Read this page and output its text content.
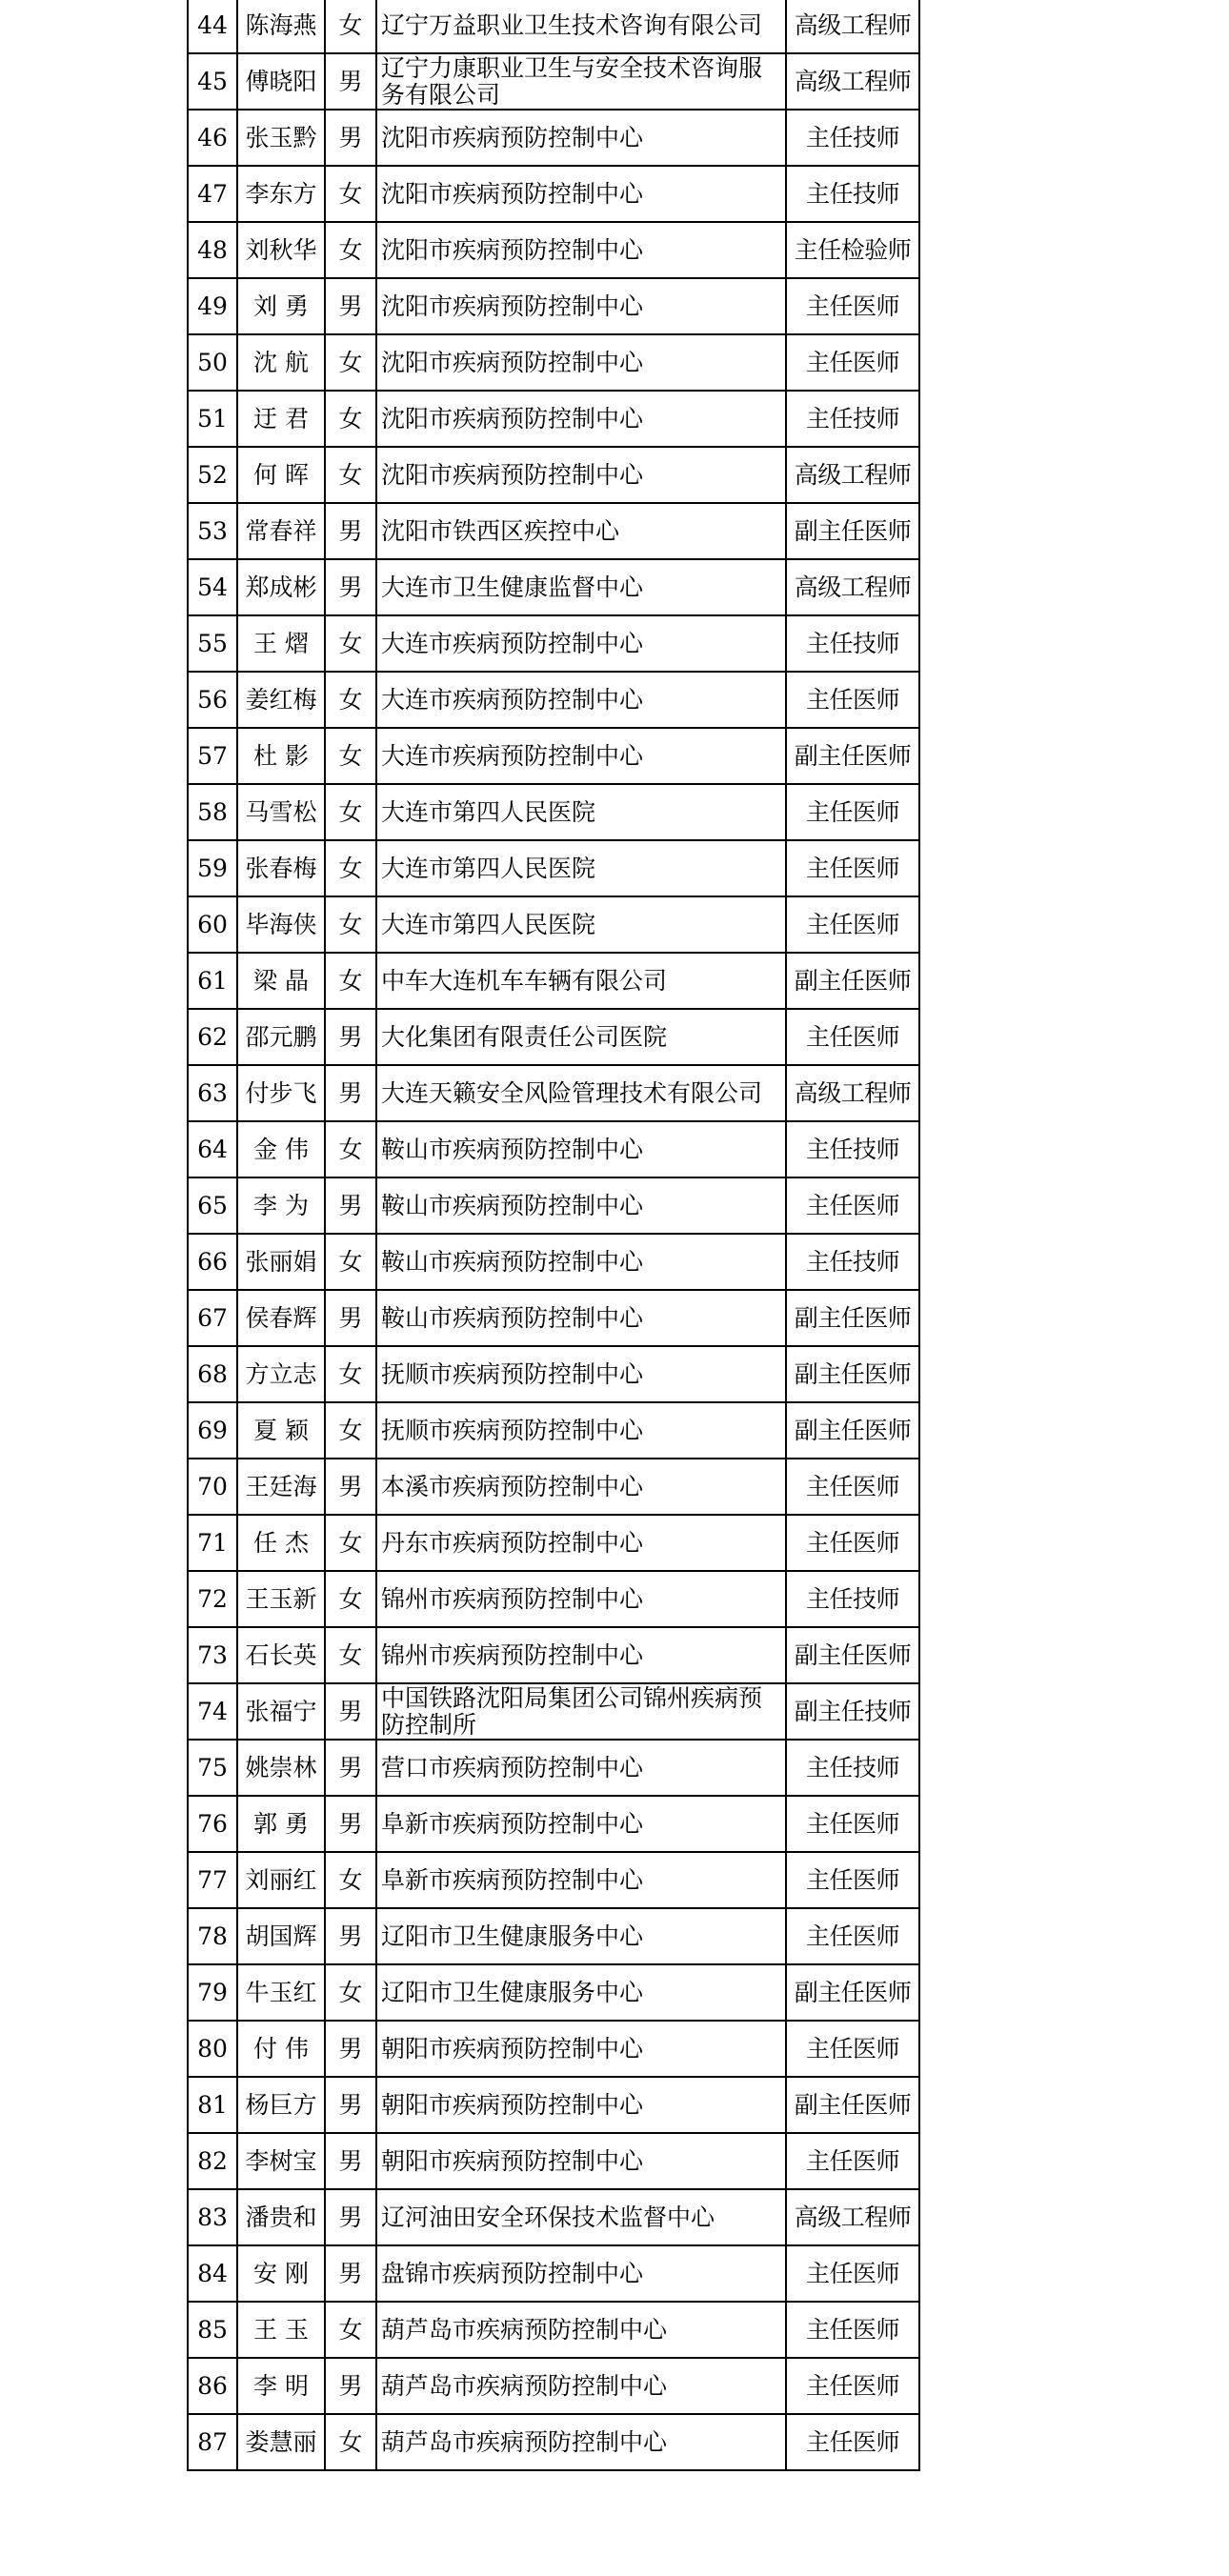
44	陈海燕	女	辽宁万益职业卫生技术咨询有限公司	高级工程师
45	傅晓阳	男	辽宁力康职业卫生与安全技术咨询服务有限公司	高级工程师
46	张玉黔	男	沈阳市疾病预防控制中心	主任技师
47	李东方	女	沈阳市疾病预防控制中心	主任技师
48	刘秋华	女	沈阳市疾病预防控制中心	主任检验师
49	刘 勇	男	沈阳市疾病预防控制中心	主任医师
50	沈 航	女	沈阳市疾病预防控制中心	主任医师
51	迂 君	女	沈阳市疾病预防控制中心	主任技师
52	何 晖	女	沈阳市疾病预防控制中心	高级工程师
53	常春祥	男	沈阳市铁西区疾控中心	副主任医师
54	郑成彬	男	大连市卫生健康监督中心	高级工程师
55	王 熠	女	大连市疾病预防控制中心	主任技师
56	姜红梅	女	大连市疾病预防控制中心	主任医师
57	杜 影	女	大连市疾病预防控制中心	副主任医师
58	马雪松	女	大连市第四人民医院	主任医师
59	张春梅	女	大连市第四人民医院	主任医师
60	毕海侠	女	大连市第四人民医院	主任医师
61	梁 晶	女	中车大连机车车辆有限公司	副主任医师
62	邵元鹏	男	大化集团有限责任公司医院	主任医师
63	付步飞	男	大连天籁安全风险管理技术有限公司	高级工程师
64	金 伟	女	鞍山市疾病预防控制中心	主任技师
65	李 为	男	鞍山市疾病预防控制中心	主任医师
66	张丽娟	女	鞍山市疾病预防控制中心	主任技师
67	侯春辉	男	鞍山市疾病预防控制中心	副主任医师
68	方立志	女	抚顺市疾病预防控制中心	副主任医师
69	夏 颖	女	抚顺市疾病预防控制中心	副主任医师
70	王廷海	男	本溪市疾病预防控制中心	主任医师
71	任 杰	女	丹东市疾病预防控制中心	主任医师
72	王玉新	女	锦州市疾病预防控制中心	主任技师
73	石长英	女	锦州市疾病预防控制中心	副主任医师
74	张福宁	男	中国铁路沈阳局集团公司锦州疾病预防控制所	副主任技师
75	姚崇林	男	营口市疾病预防控制中心	主任技师
76	郭 勇	男	阜新市疾病预防控制中心	主任医师
77	刘丽红	女	阜新市疾病预防控制中心	主任医师
78	胡国辉	男	辽阳市卫生健康服务中心	主任医师
79	牛玉红	女	辽阳市卫生健康服务中心	副主任医师
80	付 伟	男	朝阳市疾病预防控制中心	主任医师
81	杨巨方	男	朝阳市疾病预防控制中心	副主任医师
82	李树宝	男	朝阳市疾病预防控制中心	主任医师
83	潘贵和	男	辽河油田安全环保技术监督中心	高级工程师
84	安 刚	男	盘锦市疾病预防控制中心	主任医师
85	王 玉	女	葫芦岛市疾病预防控制中心	主任医师
86	李 明	男	葫芦岛市疾病预防控制中心	主任医师
87	娄慧丽	女	葫芦岛市疾病预防控制中心	主任医师
